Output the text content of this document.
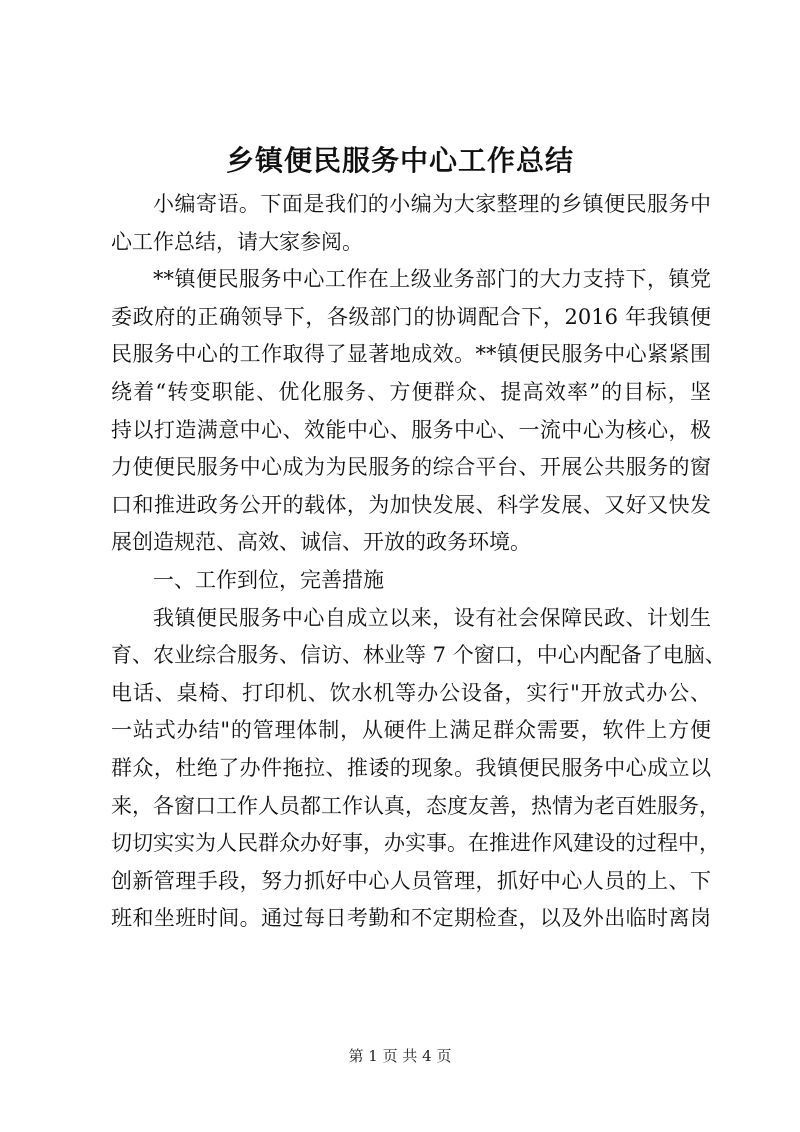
乡镇便民服务中心工作总结
小编寄语。下面是我们的小编为大家整理的乡镇便民服务中
心工作总结，请大家参阅。
**镇便民服务中心工作在上级业务部门的大力支持下，镇党
委政府的正确领导下，各级部门的协调配合下，2016 年我镇便
民服务中心的工作取得了显著地成效。**镇便民服务中心紧紧围
绕着“转变职能、优化服务、方便群众、提高效率”的目标，坚
持以打造满意中心、效能中心、服务中心、一流中心为核心，极
力使便民服务中心成为为民服务的综合平台、开展公共服务的窗
口和推进政务公开的载体，为加快发展、科学发展、又好又快发
展创造规范、高效、诚信、开放的政务环境。
一、工作到位，完善措施
我镇便民服务中心自成立以来，设有社会保障民政、计划生
育、农业综合服务、信访、林业等 7 个窗口，中心内配备了电脑、
电话、桌椅、打印机、饮水机等办公设备，实行"开放式办公、
一站式办结"的管理体制，从硬件上满足群众需要，软件上方便
群众，杜绝了办件拖拉、推诿的现象。我镇便民服务中心成立以
来，各窗口工作人员都工作认真，态度友善，热情为老百姓服务，
切切实实为人民群众办好事，办实事。在推进作风建设的过程中，
创新管理手段，努力抓好中心人员管理，抓好中心人员的上、下
班和坐班时间。通过每日考勤和不定期检查，以及外出临时离岗
第 1 页 共 4 页
